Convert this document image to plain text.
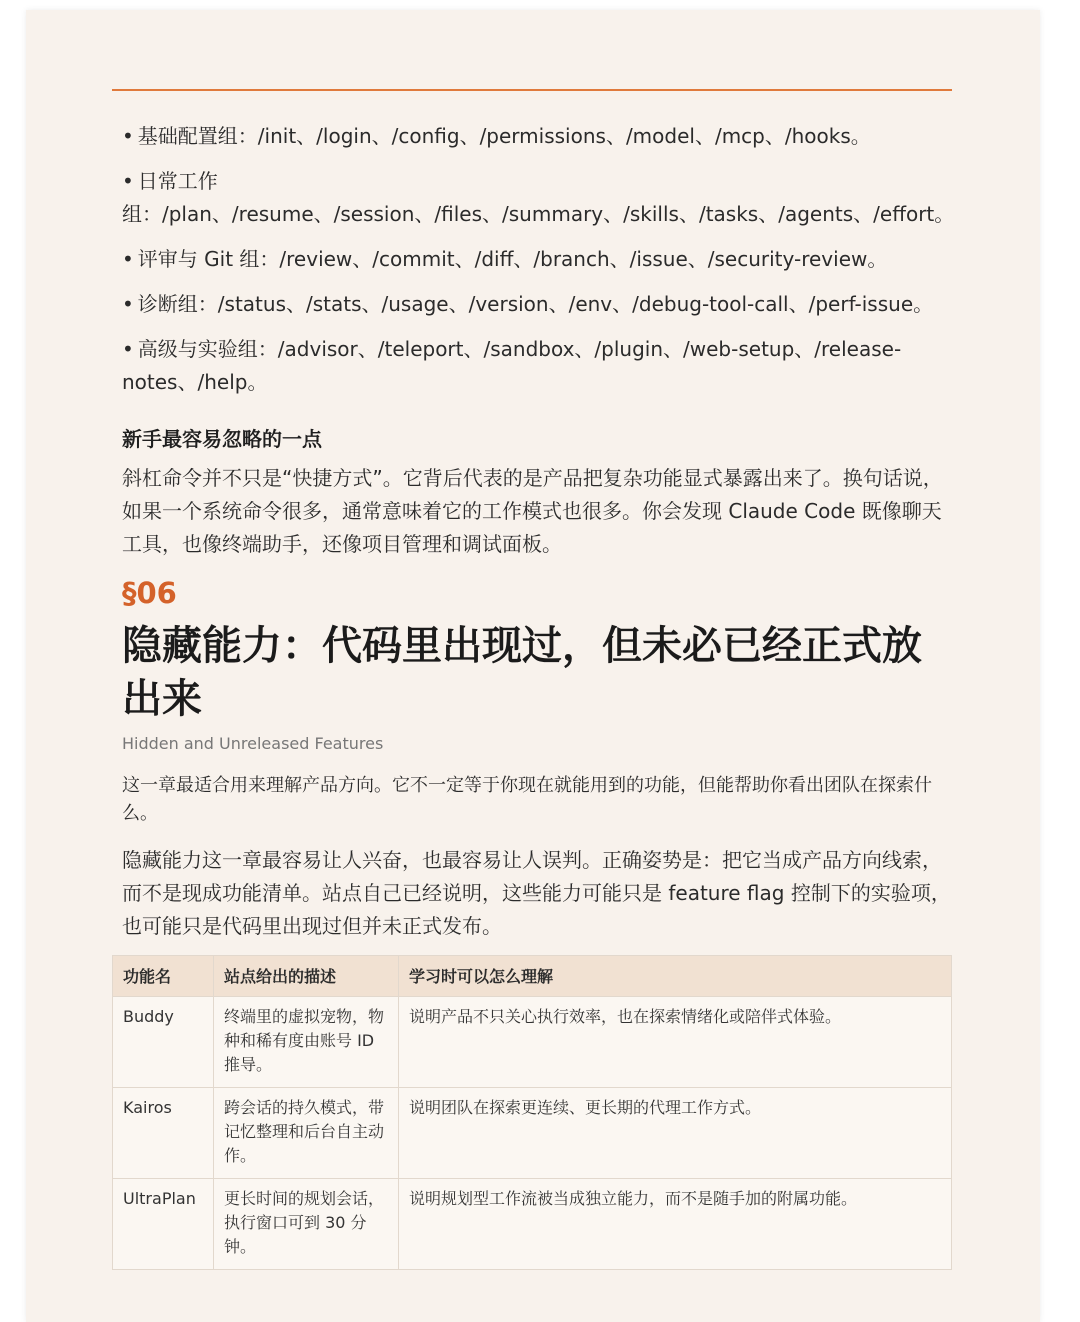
• 基础配置组：/init、/login、/config、/permissions、/model、/mcp、/hooks。
• 日常工作组：/plan、/resume、/session、/files、/summary、/skills、/tasks、/agents、/effort。
• 评审与 Git 组：/review、/commit、/diff、/branch、/issue、/security-review。
• 诊断组：/status、/stats、/usage、/version、/env、/debug-tool-call、/perf-issue。
• 高级与实验组：/advisor、/teleport、/sandbox、/plugin、/web-setup、/release-notes、/help。
新手最容易忽略的一点
斜杠命令并不只是“快捷方式”。它背后代表的是产品把复杂功能显式暴露出来了。换句话说，如果一个系统命令很多，通常意味着它的工作模式也很多。你会发现 Claude Code 既像聊天工具，也像终端助手，还像项目管理和调试面板。
§06
隐藏能力：代码里出现过，但未必已经正式放出来
Hidden and Unreleased Features
这一章最适合用来理解产品方向。它不一定等于你现在就能用到的功能，但能帮助你看出团队在探索什么。
隐藏能力这一章最容易让人兴奋，也最容易让人误判。正确姿势是：把它当成产品方向线索，而不是现成功能清单。站点自己已经说明，这些能力可能只是 feature flag 控制下的实验项，也可能只是代码里出现过但并未正式发布。
功能名	站点给出的描述	学习时可以怎么理解
Buddy	终端里的虚拟宠物，物种和稀有度由账号 ID 推导。	说明产品不只关心执行效率，也在探索情绪化或陪伴式体验。
Kairos	跨会话的持久模式，带记忆整理和后台自主动作。	说明团队在探索更连续、更长期的代理工作方式。
UltraPlan	更长时间的规划会话，执行窗口可到 30 分钟。	说明规划型工作流被当成独立能力，而不是随手加的附属功能。
